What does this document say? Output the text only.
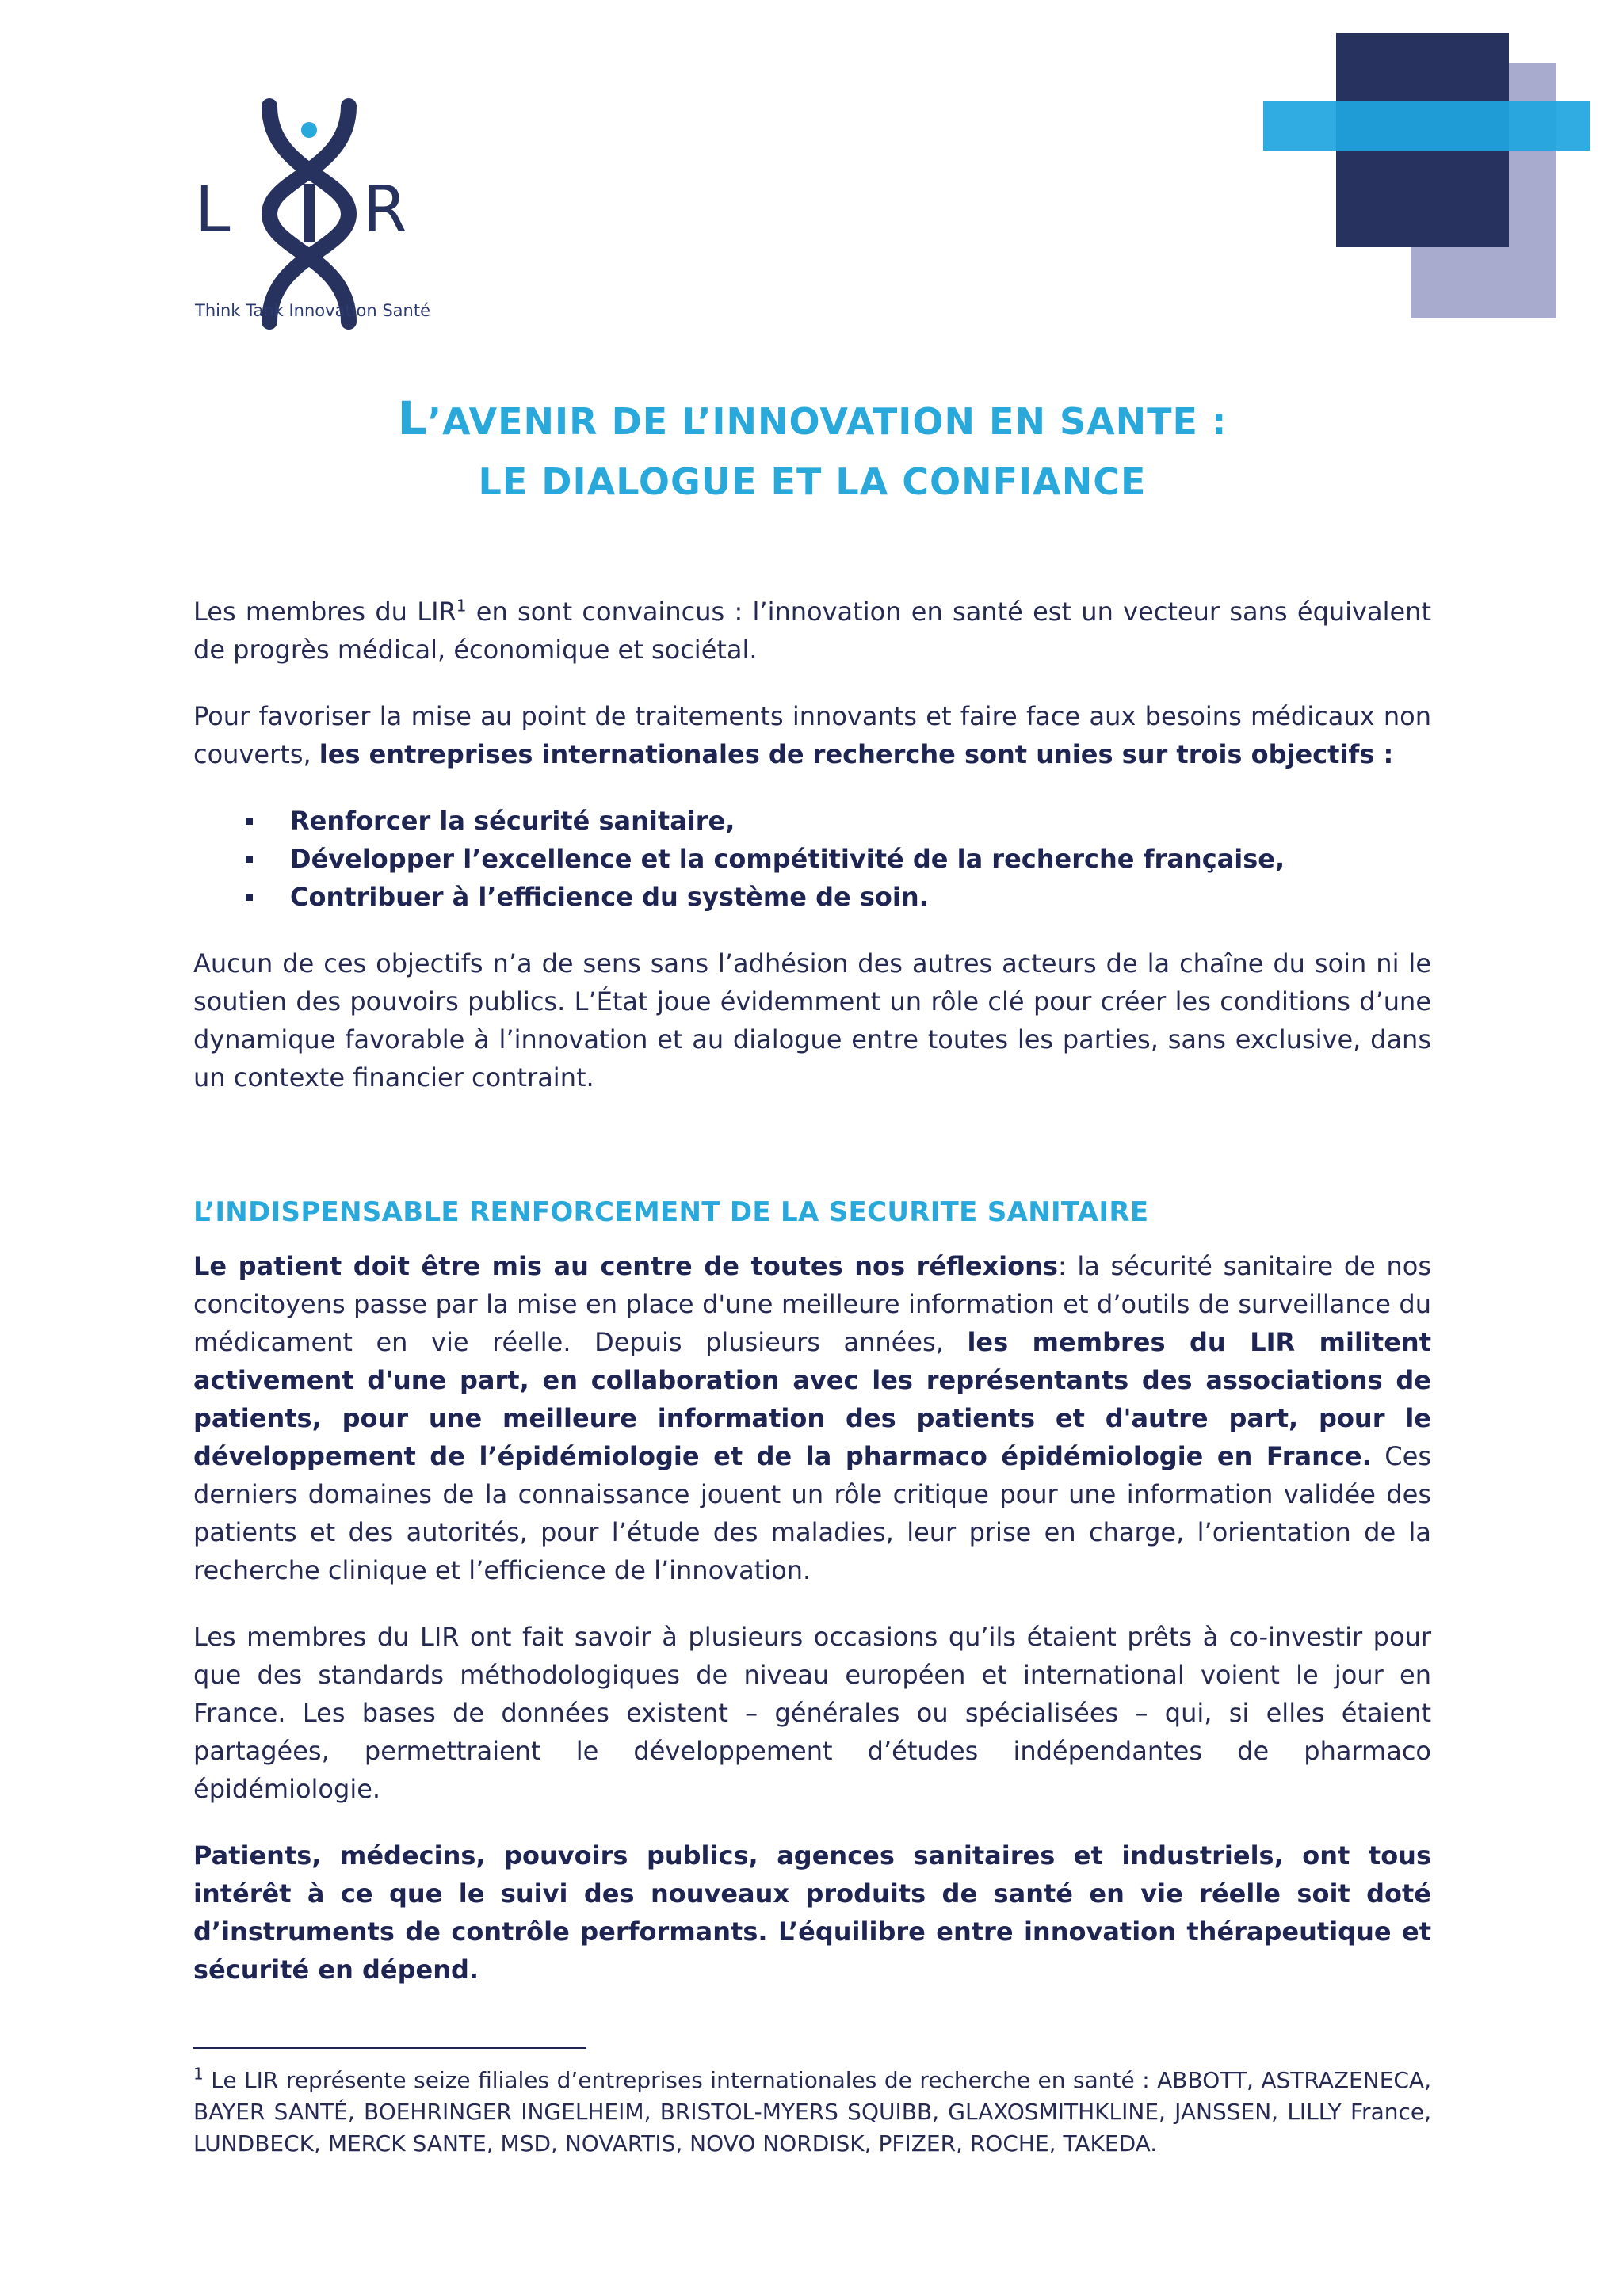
L R
Think Tank Innovation Santé
L’AVENIR DE L’INNOVATION EN SANTE :
LE DIALOGUE ET LA CONFIANCE

Les membres du LIR$^1$ en sont convaincus : l’innovation en santé est un vecteur sans équivalent de progrès médical, économique et sociétal.

Pour favoriser la mise au point de traitements innovants et faire face aux besoins médicaux non couverts, les entreprises internationales de recherche sont unies sur trois objectifs :

Renforcer la sécurité sanitaire,
Développer l’excellence et la compétitivité de la recherche française,
Contribuer à l’efficience du système de soin.

Aucun de ces objectifs n’a de sens sans l’adhésion des autres acteurs de la chaîne du soin ni le soutien des pouvoirs publics. L’État joue évidemment un rôle clé pour créer les conditions d’une dynamique favorable à l’innovation et au dialogue entre toutes les parties, sans exclusive, dans un contexte financier contraint.

L’INDISPENSABLE RENFORCEMENT DE LA SECURITE SANITAIRE

Le patient doit être mis au centre de toutes nos réflexions: la sécurité sanitaire de nos concitoyens passe par la mise en place d'une meilleure information et d’outils de surveillance du médicament en vie réelle. Depuis plusieurs années, les membres du LIR militent activement d'une part, en collaboration avec les représentants des associations de patients, pour une meilleure information des patients et d'autre part, pour le développement de l’épidémiologie et de la pharmaco épidémiologie en France. Ces derniers domaines de la connaissance jouent un rôle critique pour une information validée des patients et des autorités, pour l’étude des maladies, leur prise en charge, l’orientation de la recherche clinique et l’efficience de l’innovation.

Les membres du LIR ont fait savoir à plusieurs occasions qu’ils étaient prêts à co-investir pour que des standards méthodologiques de niveau européen et international voient le jour en France. Les bases de données existent – générales ou spécialisées – qui, si elles étaient partagées, permettraient le développement d’études indépendantes de pharmaco épidémiologie.

Patients, médecins, pouvoirs publics, agences sanitaires et industriels, ont tous intérêt à ce que le suivi des nouveaux produits de santé en vie réelle soit doté d’instruments de contrôle performants. L’équilibre entre innovation thérapeutique et sécurité en dépend.

$^1$ Le LIR représente seize filiales d’entreprises internationales de recherche en santé : ABBOTT, ASTRAZENECA, BAYER SANTÉ, BOEHRINGER INGELHEIM, BRISTOL-MYERS SQUIBB, GLAXOSMITHKLINE, JANSSEN, LILLY France, LUNDBECK, MERCK SANTE, MSD, NOVARTIS, NOVO NORDISK, PFIZER, ROCHE, TAKEDA.
